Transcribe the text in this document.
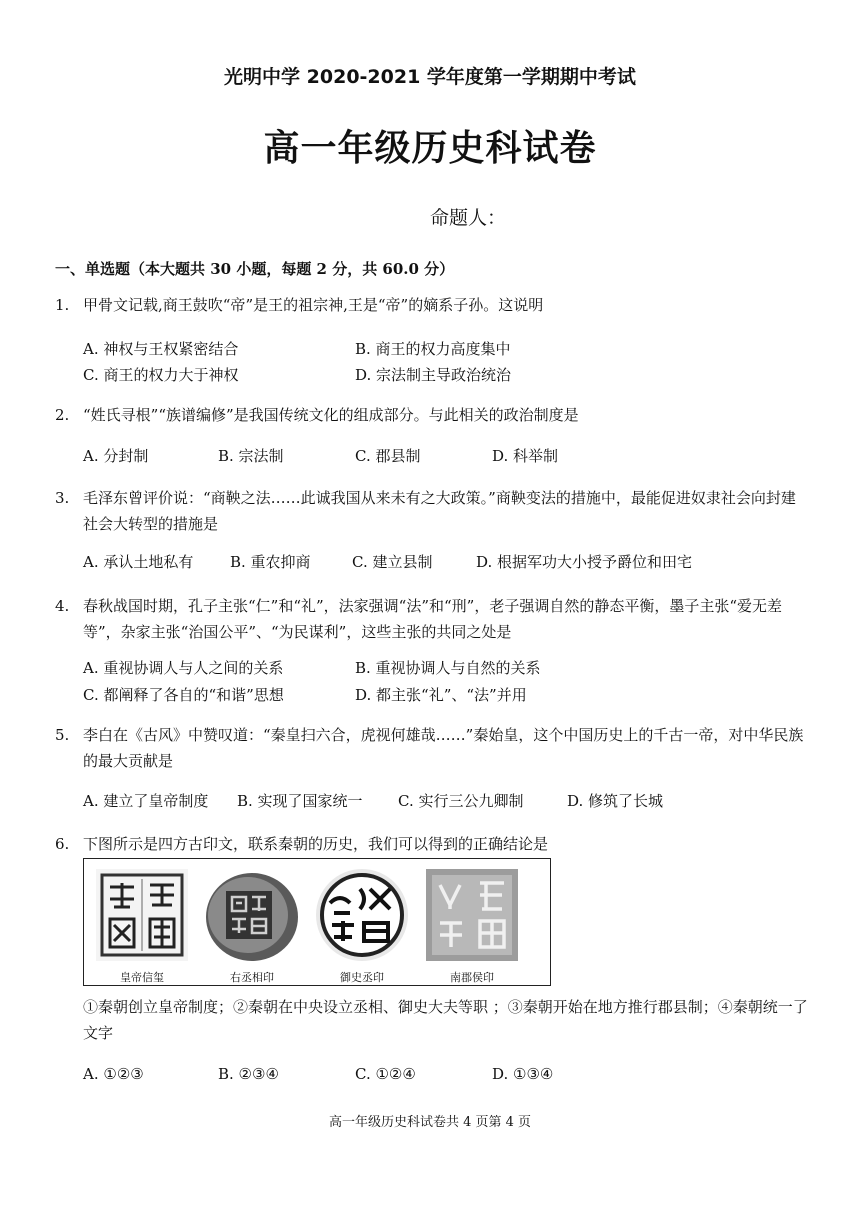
光明中学 2020-2021 学年度第一学期期中考试
高一年级历史科试卷
命题人：
一、单选题（本大题共 30 小题，每题 2 分，共 60.0 分）
1. 甲骨文记载,商王鼓吹“帝”是王的祖宗神,王是“帝”的嫡系子孙。这说明
A. 神权与王权紧密结合	B. 商王的权力高度集中
C. 商王的权力大于神权	D. 宗法制主导政治统治
2. “姓氏寻根”“族谱编修”是我国传统文化的组成部分。与此相关的政治制度是
A. 分封制	B. 宗法制	C. 郡县制	D. 科举制
3. 毛泽东曾评价说：“商鞅之法……此诚我国从来未有之大政策。”商鞅变法的措施中，最能促进奴隶社会向封建社会大转型的措施是
A. 承认土地私有 B. 重农抑商	C. 建立县制	D. 根据军功大小授予爵位和田宅
4. 春秋战国时期，孔子主张“仁”和“礼”，法家强调“法”和“刑”，老子强调自然的静态平衡，墨子主张“爱无差等”，杂家主张“治国公平”、“为民谋利”，这些主张的共同之处是
A. 重视协调人与人之间的关系	B. 重视协调人与自然的关系
C. 都阐释了各自的“和谐”思想	D. 都主张“礼”、“法”并用
5. 李白在《古风》中赞叹道：“秦皇扫六合，虎视何雄哉……”秦始皇，这个中国历史上的千古一帝，对中华民族的最大贡献是
A. 建立了皇帝制度 B. 实现了国家统一 C. 实行三公九卿制	D. 修筑了长城
6. 下图所示是四方古印文，联系秦朝的历史，我们可以得到的正确结论是
皇帝信玺	右丞相印	御史丞印	南郡侯印
①秦朝创立皇帝制度；②秦朝在中央设立丞相、御史大夫等职 ；③秦朝开始在地方推行郡县制；④秦朝统一了文字
A. ①②③	B. ②③④	C. ①②④	D. ①③④
高一年级历史科试卷共 4 页第 4 页
